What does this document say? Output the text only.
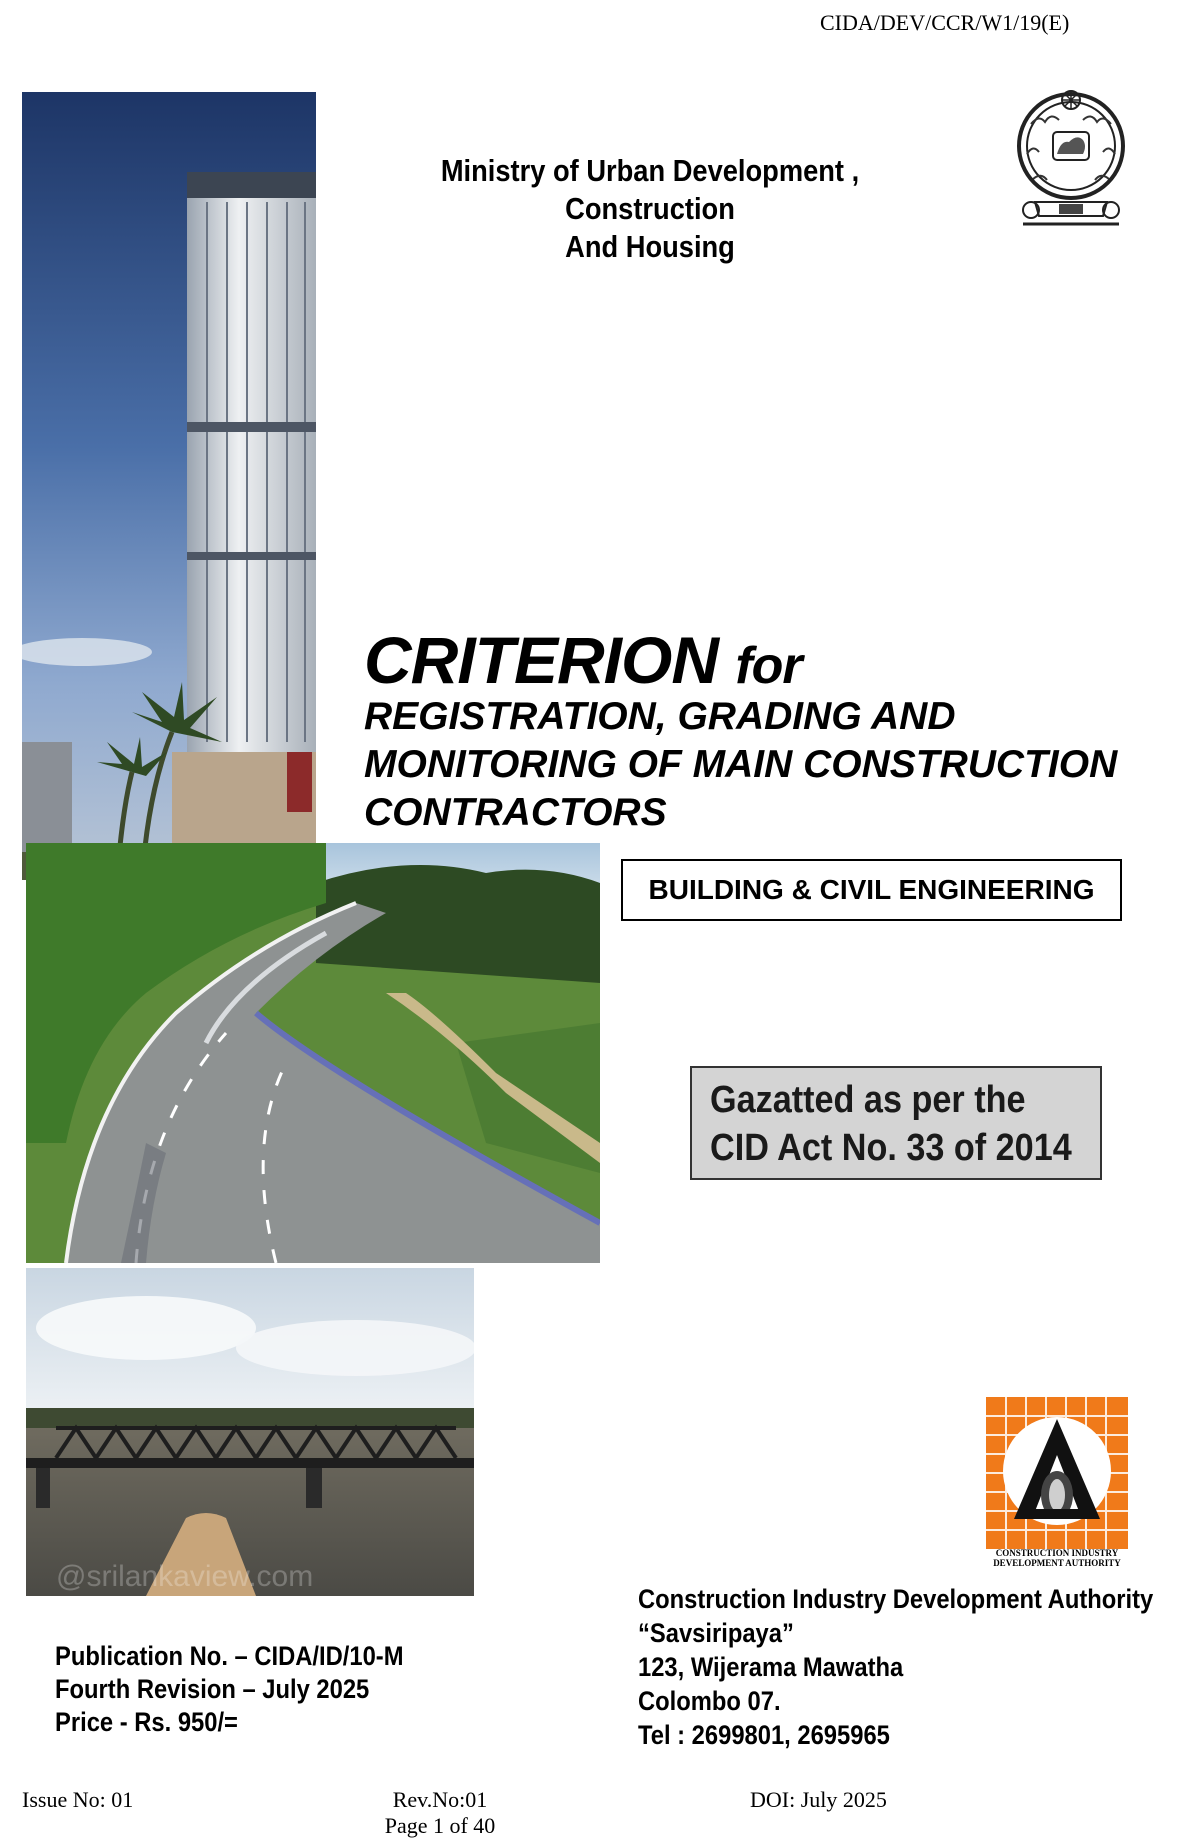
CIDA/DEV/CCR/W1/19(E)
Ministry of Urban Development , Construction
And Housing
@srilankaview.com
CRITERION for
REGISTRATION, GRADING AND
MONITORING OF MAIN CONSTRUCTION
CONTRACTORS
BUILDING & CIVIL ENGINEERING
Gazatted as per the
CID Act No. 33 of 2014
CONSTRUCTION INDUSTRY
DEVELOPMENT AUTHORITY
Construction Industry Development Authority
“Savsiripaya”
123, Wijerama Mawatha
Colombo 07.
Tel : 2699801, 2695965
Publication No. – CIDA/ID/10-M
Fourth Revision – July 2025
Price - Rs. 950/=
Issue No: 01	Rev.No:01
Page 1 of 40
DOI: July 2025
